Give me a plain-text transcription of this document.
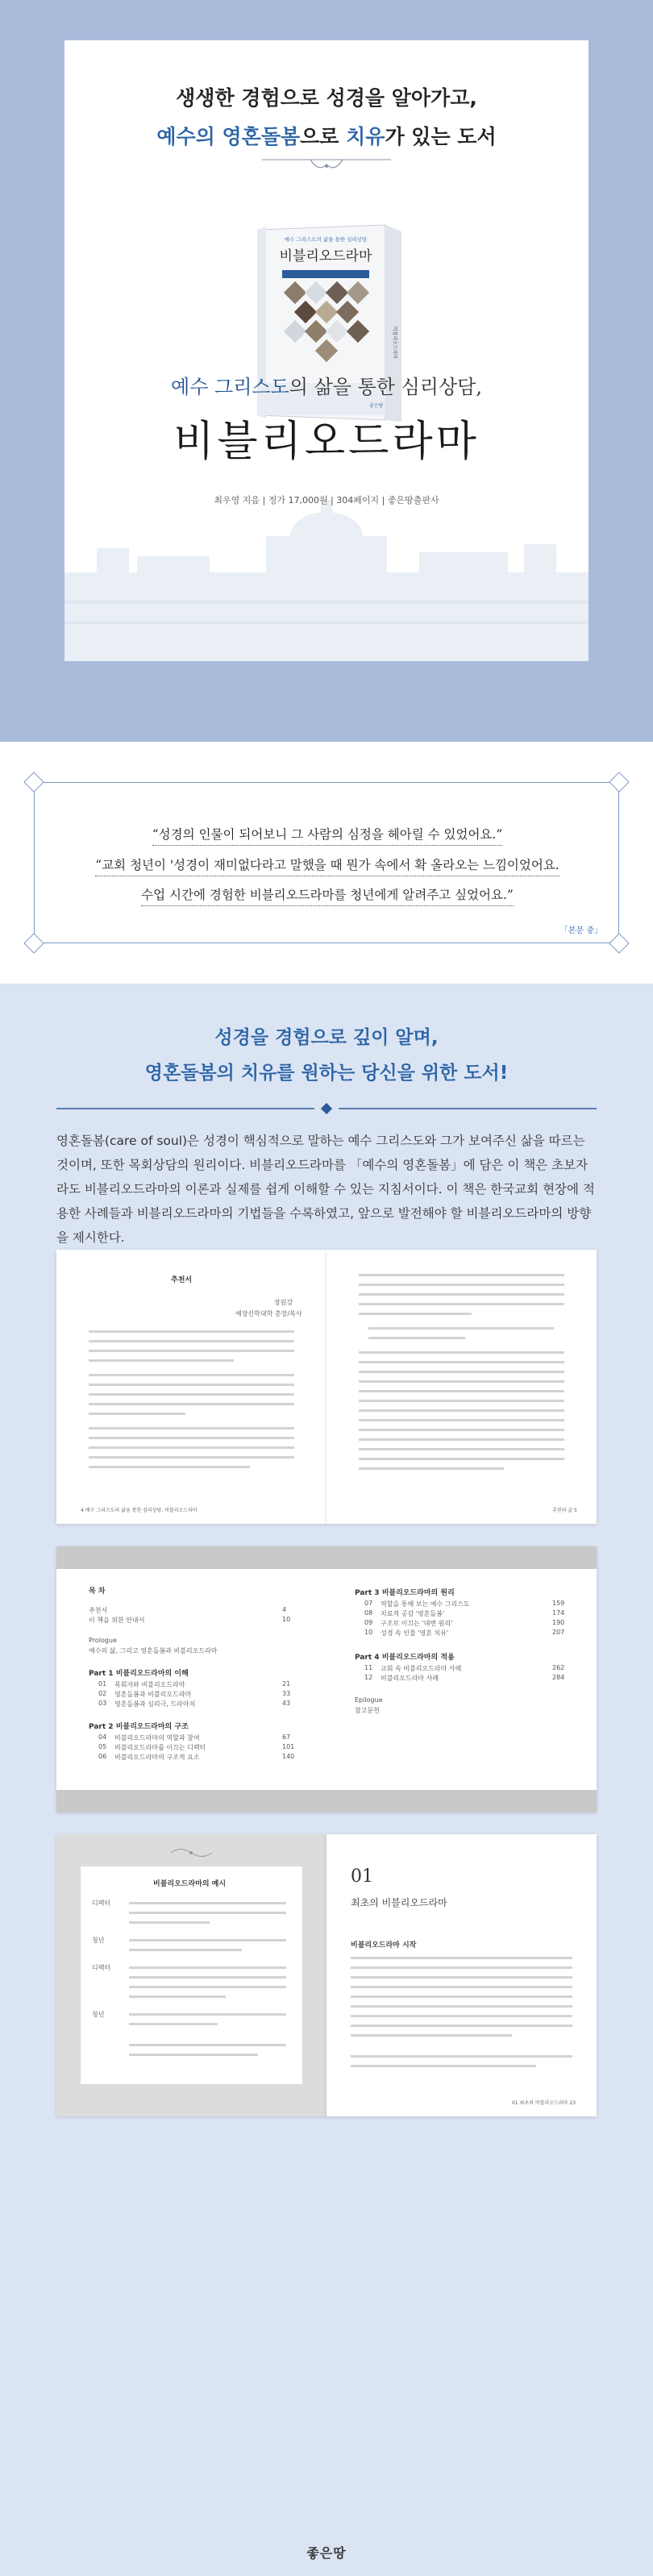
생생한 경험으로 성경을 알아가고,
예수의 영혼돌봄으로 치유가 있는 도서
예수 그리스도의 삶을 통한 심리상담
비블리오드라마
비블리오드라마
좋은땅
예수 그리스도의 삶을 통한 심리상담,
비블리오드라마
최우영 지음 | 정가 17,000원 | 304페이지 | 좋은땅출판사
“성경의 인물이 되어보니 그 사람의 심정을 헤아릴 수 있었어요.”
“교회 청년이 '성경이 재미없다라고 말했을 때 뭔가 속에서 확 올라오는 느낌이었어요.
수업 시간에 경험한 비블리오드라마를 청년에게 알려주고 싶었어요.”
「본문 중」
성경을 경험으로 깊이 알며,
영혼돌봄의 치유를 원하는 당신을 위한 도서!
영혼돌봄(care of soul)은 성경이 핵심적으로 말하는 예수 그리스도와 그가 보여주신 삶을 따르는 것이며, 또한 목회상담의 원리이다. 비블리오드라마를 「예수의 영혼돌봄」에 담은 이 책은 초보자라도 비블리오드라마의 이론과 실제를 쉽게 이해할 수 있는 지침서이다. 이 책은 한국교회 현장에 적용한 사례들과 비블리오드라마의 기법들을 수록하였고, 앞으로 발전해야 할 비블리오드라마의 방향을 제시한다.
추천서
장원강
예장신학대학 총장/목사
4 예수 그리스도의 삶을 통한 심리상담, 비블리오드라마	추천의 글 5
목 차
추천서	4
이 책을 위한 안내서	10
Prologue
예수의 삶, 그리고 영혼돌봄과 비블리오드라마
Part 1 비블리오드라마의 이해
01 목회자와 비블리오드라마	21
02 영혼돌봄과 비블리오드라마	33
03 영혼돌봄과 심리극, 드라마치	43
Part 2 비블리오드라마의 구조
04 비블리오드라마의 역할과 참여	67
05 비블리오드라마를 이끄는 디렉터	101
06 비블리오드라마의 구조적 요소	140
Part 3 비블리오드라마의 원리
07 역할을 통해 보는 예수 그리스도	159
08 치료적 공감 '영혼돌봄'	174
09 구조로 이끄는 '대변 원리'	190
10 성경 속 인물 '영혼 치유'	207
Part 4 비블리오드라마의 적용
11 교회 속 비블리오드라마 사례	262
12 비블리오드라마 사례	284
Epilogue
참고문헌
비블리오드라마의 예시
디렉터
청년
디렉터
청년
01
최초의 비블리오드라마
비블리오드라마 시작
01 최초의 비블리오드라마 23
좋은땅
